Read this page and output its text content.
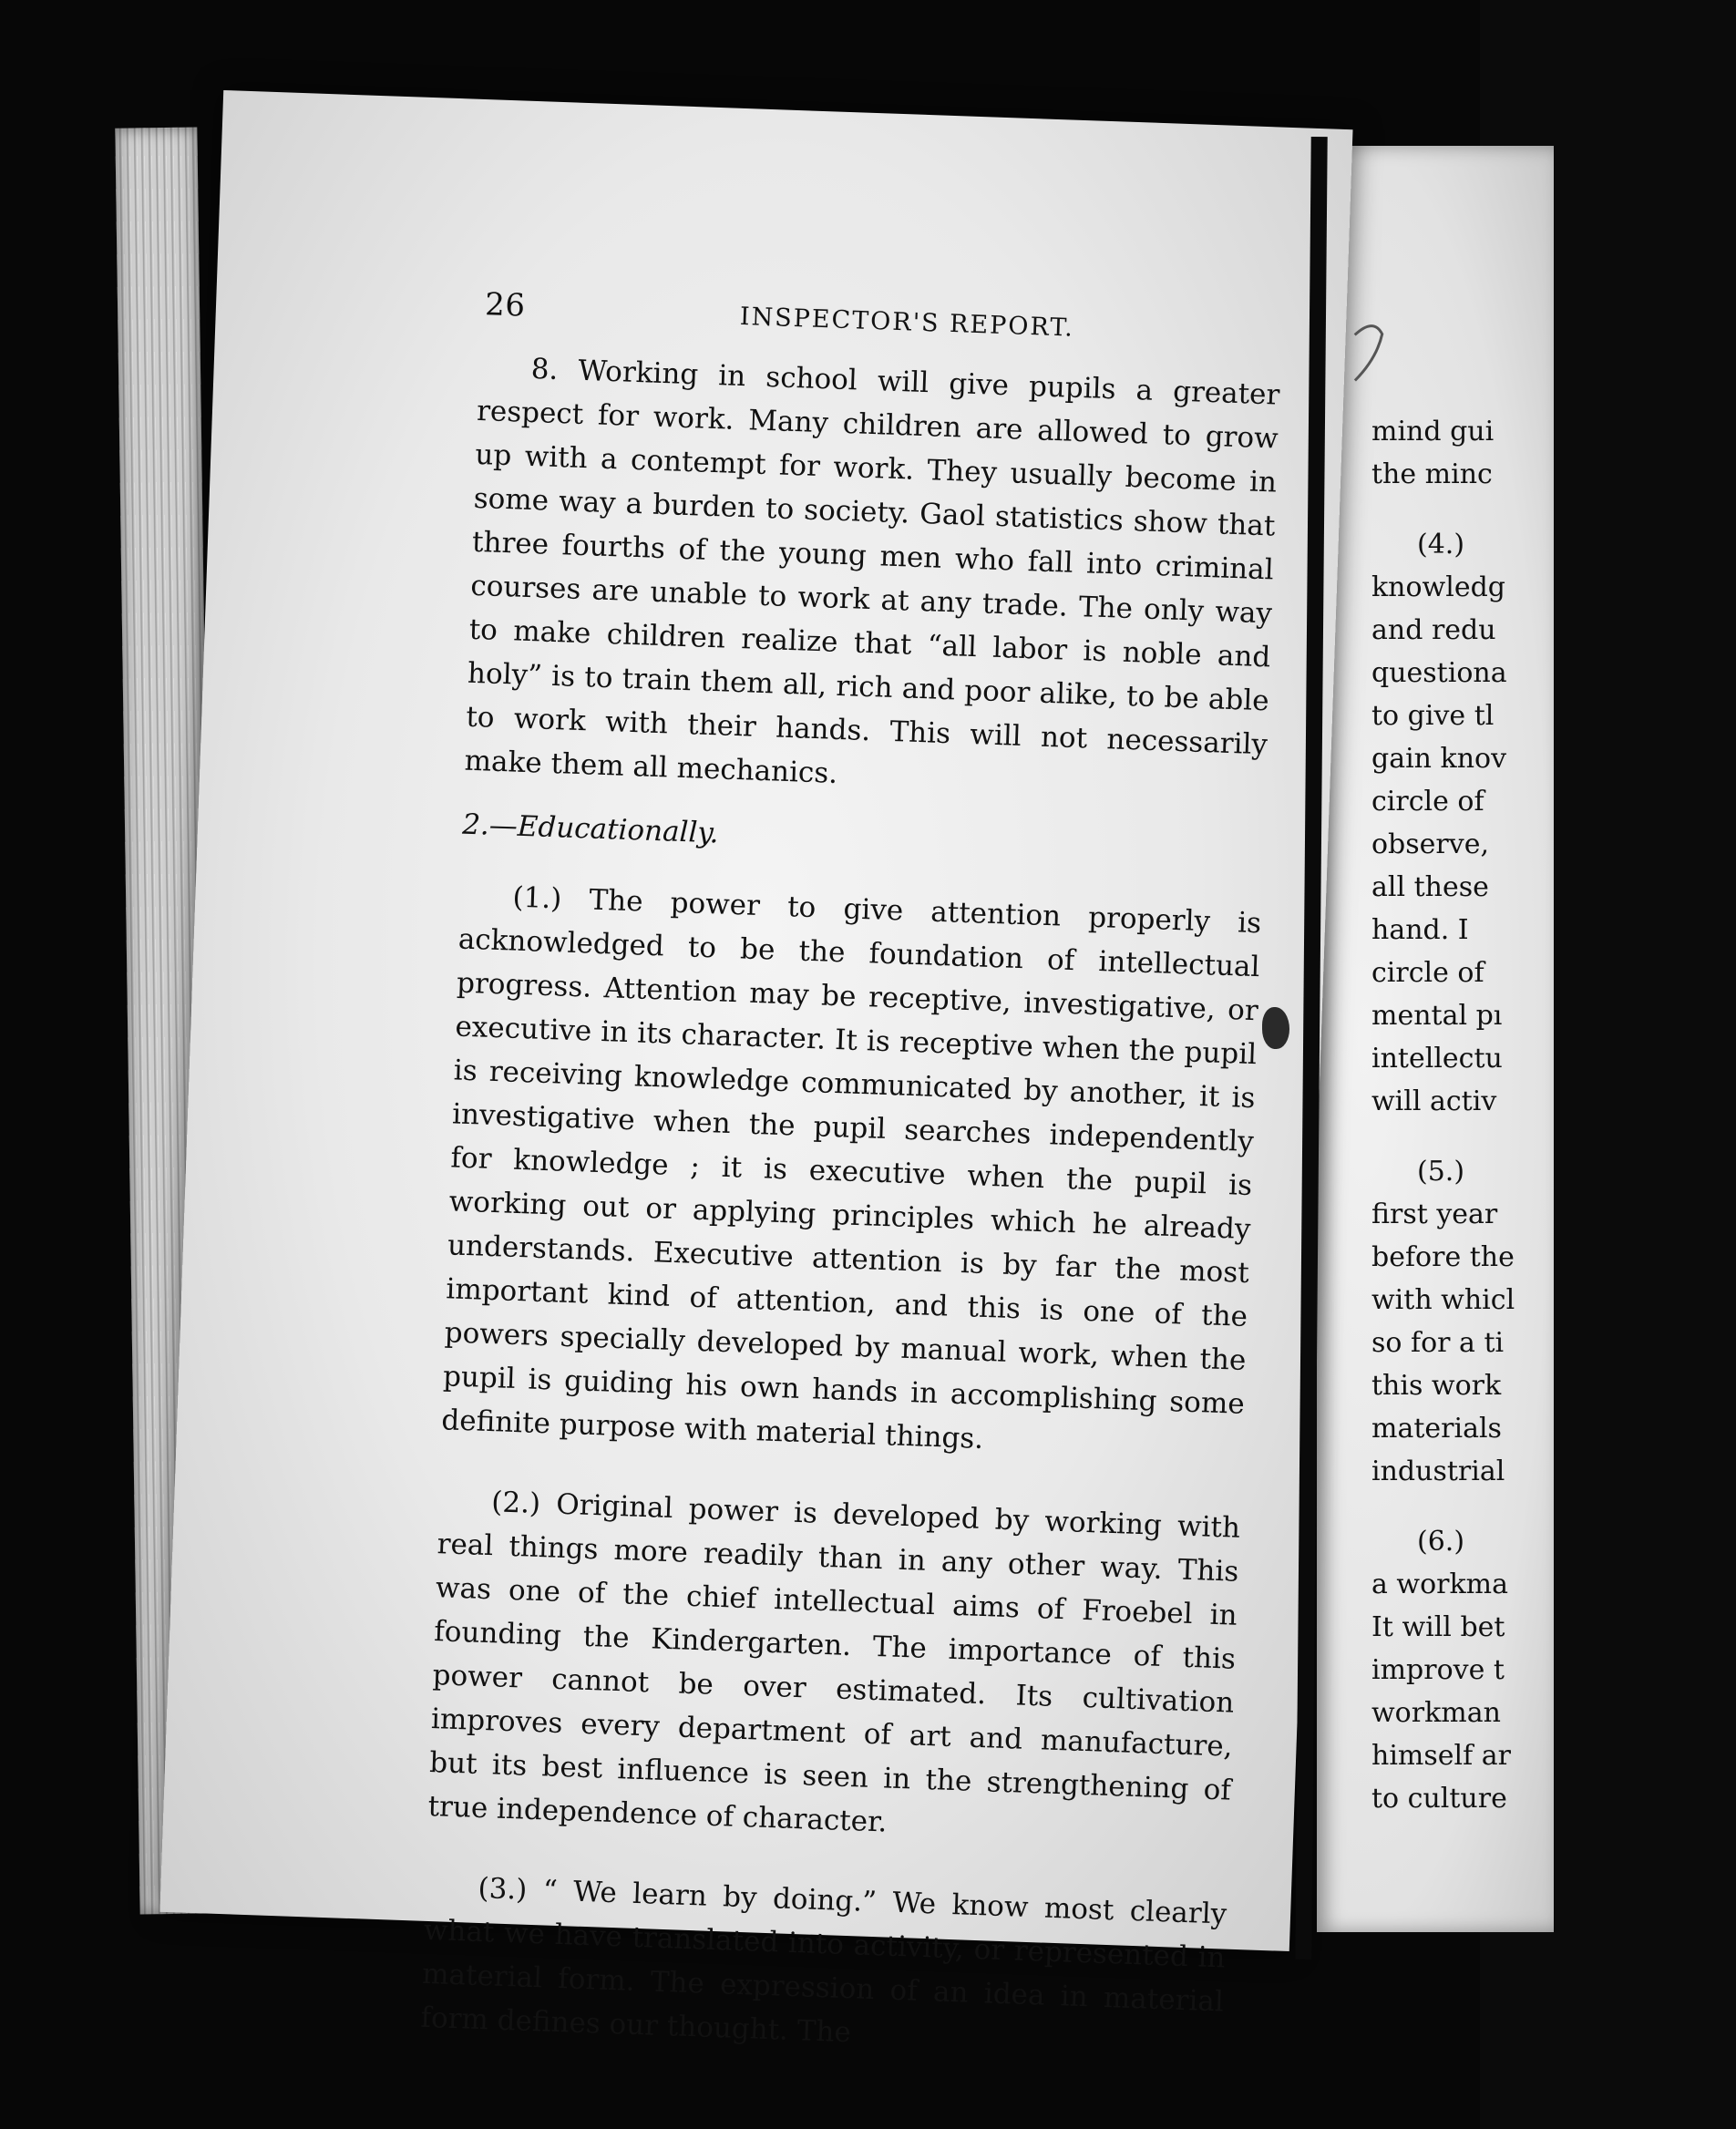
mind gui
the minc
(4.)
knowledg
and redu
questiona
to give tl
gain knov
circle of
observe,
all these
hand. I
circle of
mental pı
intellectu
will activ
(5.)
first year
before the
with whicl
so for a ti
this work
materials
industrial
(6.)
a workma
It will bet
improve t
workman
himself ar
to culture
26	INSPECTOR'S REPORT.

8. Working in school will give pupils a greater respect for work. Many children are allowed to grow up with a contempt for work. They usually become in some way a burden to society. Gaol statistics show that three fourths of the young men who fall into criminal courses are unable to work at any trade. The only way to make children realize that “all labor is noble and holy” is to train them all, rich and poor alike, to be able to work with their hands. This will not necessarily make them all mechanics.

2.—Educationally.

(1.) The power to give attention properly is acknowledged to be the foundation of intellectual progress. Attention may be receptive, investigative, or executive in its character. It is receptive when the pupil is receiving knowledge communicated by another, it is investigative when the pupil searches independently for knowledge ; it is executive when the pupil is working out or applying principles which he already understands. Executive attention is by far the most important kind of attention, and this is one of the powers specially developed by manual work, when the pupil is guiding his own hands in accomplishing some definite purpose with material things.

(2.) Original power is developed by working with real things more readily than in any other way. This was one of the chief intellectual aims of Froebel in founding the Kindergarten. The importance of this power cannot be over estimated. Its cultivation improves every department of art and manufacture, but its best influence is seen in the strengthening of true independence of character.

(3.) “ We learn by doing.” We know most clearly what we have translated into activity, or represented in material form. The expression of an idea in material form defines our thought. The
